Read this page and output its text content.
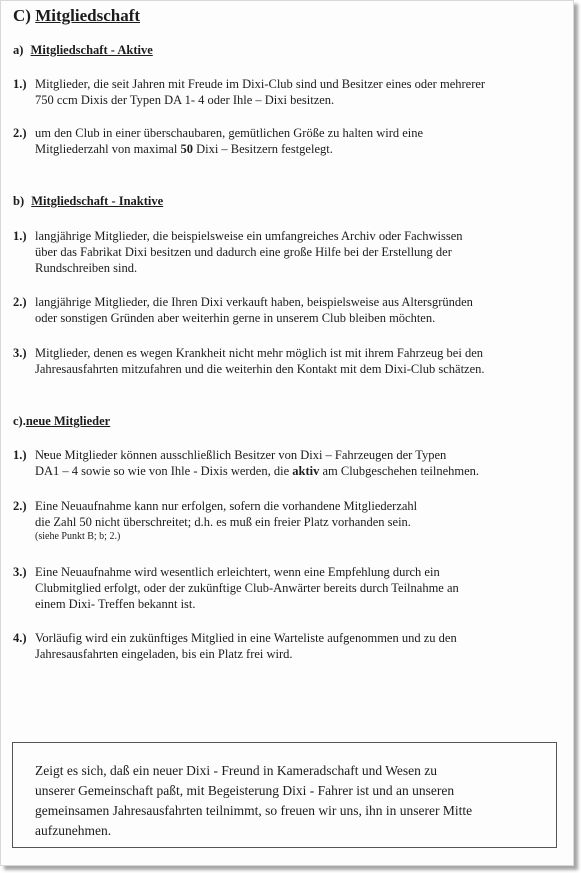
C) Mitgliedschaft
a) Mitgliedschaft - Aktive
1.) Mitglieder, die seit Jahren mit Freude im Dixi-Club sind und Besitzer eines oder mehrerer
750 ccm Dixis der Typen DA 1- 4 oder Ihle – Dixi besitzen.
2.) um den Club in einer überschaubaren, gemütlichen Größe zu halten wird eine
Mitgliederzahl von maximal 50 Dixi – Besitzern festgelegt.
b) Mitgliedschaft - Inaktive
1.) langjährige Mitglieder, die beispielsweise ein umfangreiches Archiv oder Fachwissen
über das Fabrikat Dixi besitzen und dadurch eine große Hilfe bei der Erstellung der
Rundschreiben sind.
2.) langjährige Mitglieder, die Ihren Dixi verkauft haben, beispielsweise aus Altersgründen
oder sonstigen Gründen aber weiterhin gerne in unserem Club bleiben möchten.
3.) Mitglieder, denen es wegen Krankheit nicht mehr möglich ist mit ihrem Fahrzeug bei den
Jahresausfahrten mitzufahren und die weiterhin den Kontakt mit dem Dixi-Club schätzen.
c).neue Mitglieder
1.) Neue Mitglieder können ausschließlich Besitzer von Dixi – Fahrzeugen der Typen
DA1 – 4 sowie so wie von Ihle - Dixis werden, die aktiv am Clubgeschehen teilnehmen.
2.) Eine Neuaufnahme kann nur erfolgen, sofern die vorhandene Mitgliederzahl
die Zahl 50 nicht überschreitet; d.h. es muß ein freier Platz vorhanden sein.
(siehe Punkt B; b; 2.)
3.) Eine Neuaufnahme wird wesentlich erleichtert, wenn eine Empfehlung durch ein
Clubmitglied erfolgt, oder der zukünftige Club-Anwärter bereits durch Teilnahme an
einem Dixi- Treffen bekannt ist.
4.) Vorläufig wird ein zukünftiges Mitglied in eine Warteliste aufgenommen und zu den
Jahresausfahrten eingeladen, bis ein Platz frei wird.
Zeigt es sich, daß ein neuer Dixi - Freund in Kameradschaft und Wesen zu
unserer Gemeinschaft paßt, mit Begeisterung Dixi - Fahrer ist und an unseren
gemeinsamen Jahresausfahrten teilnimmt, so freuen wir uns, ihn in unserer Mitte
aufzunehmen.
